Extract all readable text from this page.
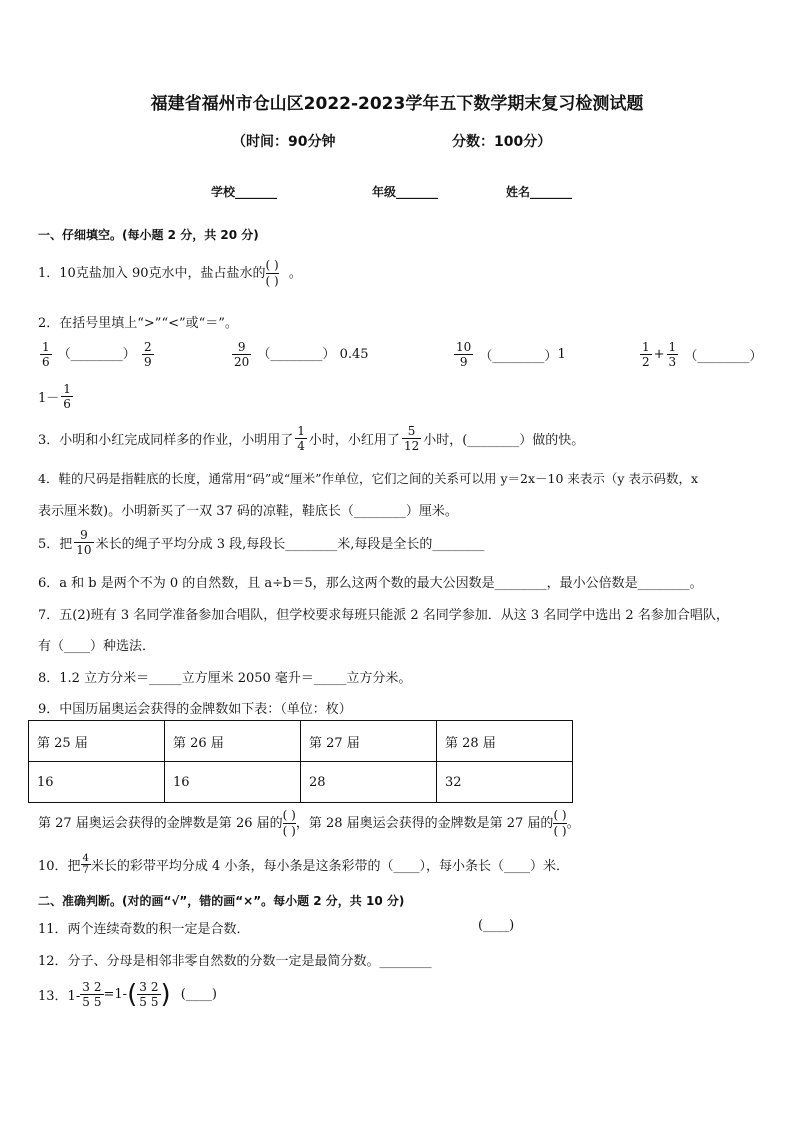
福建省福州市仓山区2022-2023学年五下数学期末复习检测试题
（时间：90分钟	分数：100分）
学校_______	年级_______	姓名_______
一、仔细填空。(每小题 2 分，共 20 分)
1．10克盐加入 90克水中，盐占盐水的
( )
( ) 。
2．在括号里填上“>”“<”或“＝”。
$\frac{1}{6}$ （________） $\frac{2}{9}$	$\frac{9}{20}$ （________） 0.45	$\frac{10}{9}$ （________）1	$\frac{1}{2} + \frac{1}{3}$ （________）
$1- \frac{1}{6}$
3．小明和小红完成同样多的作业，小明用了 $\frac{1}{4}$ 小时，小红用了 $\frac{5}{12}$ 小时，(________）做的快。
4．鞋的尺码是指鞋底的长度，通常用“码”或“厘米”作单位，它们之间的关系可以用 y＝2x－10 来表示（y 表示码数，x
表示厘米数)。小明新买了一双 37 码的凉鞋，鞋底长（________）厘米。
5．把 $\frac{9}{10}$ 米长的绳子平均分成 3 段,每段长________米,每段是全长的________
6．a 和 b 是两个不为 0 的自然数，且 a÷b＝5，那么这两个数的最大公因数是________，最小公倍数是________。
7．五(2)班有 3 名同学准备参加合唱队，但学校要求每班只能派 2 名同学参加．从这 3 名同学中选出 2 名参加合唱队，
有（____）种选法．
8．1.2 立方分米＝_____立方厘米 2050 毫升＝_____立方分米。
9．中国历届奥运会获得的金牌数如下表：（单位：枚）
第 25 届	第 26 届	第 27 届	第 28 届
16	16	28	32
第 27 届奥运会获得的金牌数是第 26 届的
( )
( ) ，第 28 届奥运会获得的金牌数是第 27 届的
( )
( ) 。
10．把 $\frac{4}{7}$ 米长的彩带平均分成 4 小条，每小条是这条彩带的（____），每小条长（____）米．
二、准确判断。(对的画“√”，错的画“×”。每小题 2 分，共 10 分)
11．两个连续奇数的积一定是合数．	(____)
12．分子、分母是相邻非零自然数的分数一定是最简分数。________
13．$1- \frac{3}{5} \frac{2}{5} =1-( \frac{3}{5} \frac{2}{5}$ ) (____)
